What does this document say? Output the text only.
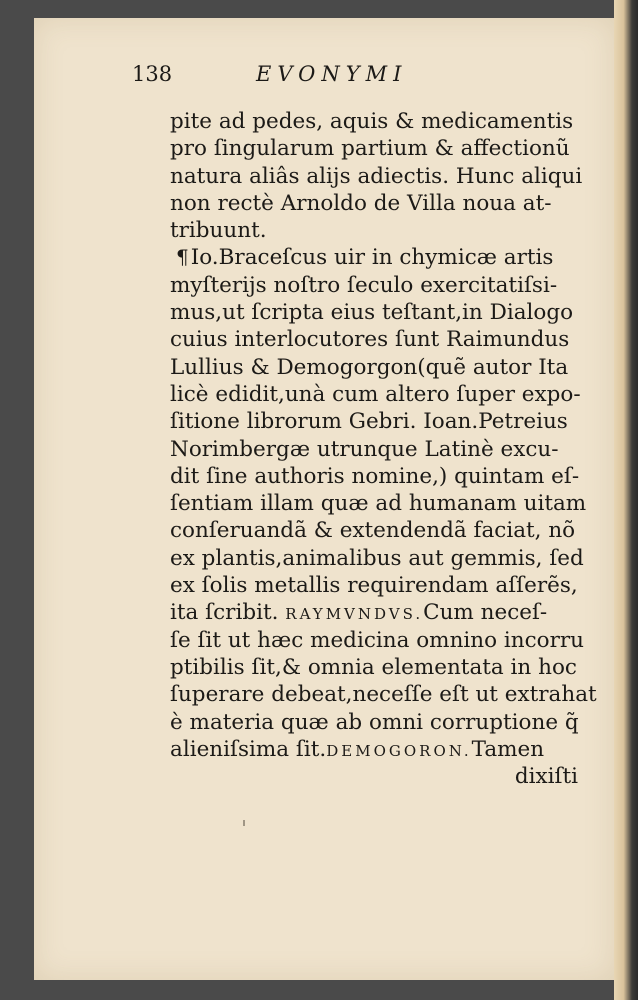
138	EVONYMI
pite ad pedes, aquis & medicamentis
pro ſingularum partium & affectionũ
natura aliâs alijs adiectis. Hunc aliqui
non rectè Arnoldo de Villa noua at-
tribuunt.
¶Io.Braceſcus uir in chymicæ artis
myſterijs noſtro ſeculo exercitatiſsi-
mus,ut ſcripta eius teſtant,in Dialogo
cuius interlocutores ſunt Raimundus
Lullius & Demogorgon(quẽ autor Ita
licè edidit,unà cum altero ſuper expo-
ſitione librorum Gebri. Ioan.Petreius
Norimbergæ utrunque Latinè excu-
dit ſine authoris nomine,) quintam eſ-
ſentiam illam quæ ad humanam uitam
conſeruandã & extendendã faciat, nõ
ex plantis,animalibus aut gemmis, ſed
ex ſolis metallis requirendam aſſerẽs,
ita ſcribit. RAYMVNDVS.Cum neceſ-
ſe ſit ut hæc medicina omnino incorru
ptibilis ſit,& omnia elementata in hoc
ſuperare debeat,neceſſe eſt ut extrahat
è materia quæ ab omni corruptione q̃
alieniſsima ſit.DEMOGORON.Tamen
dixiſti
